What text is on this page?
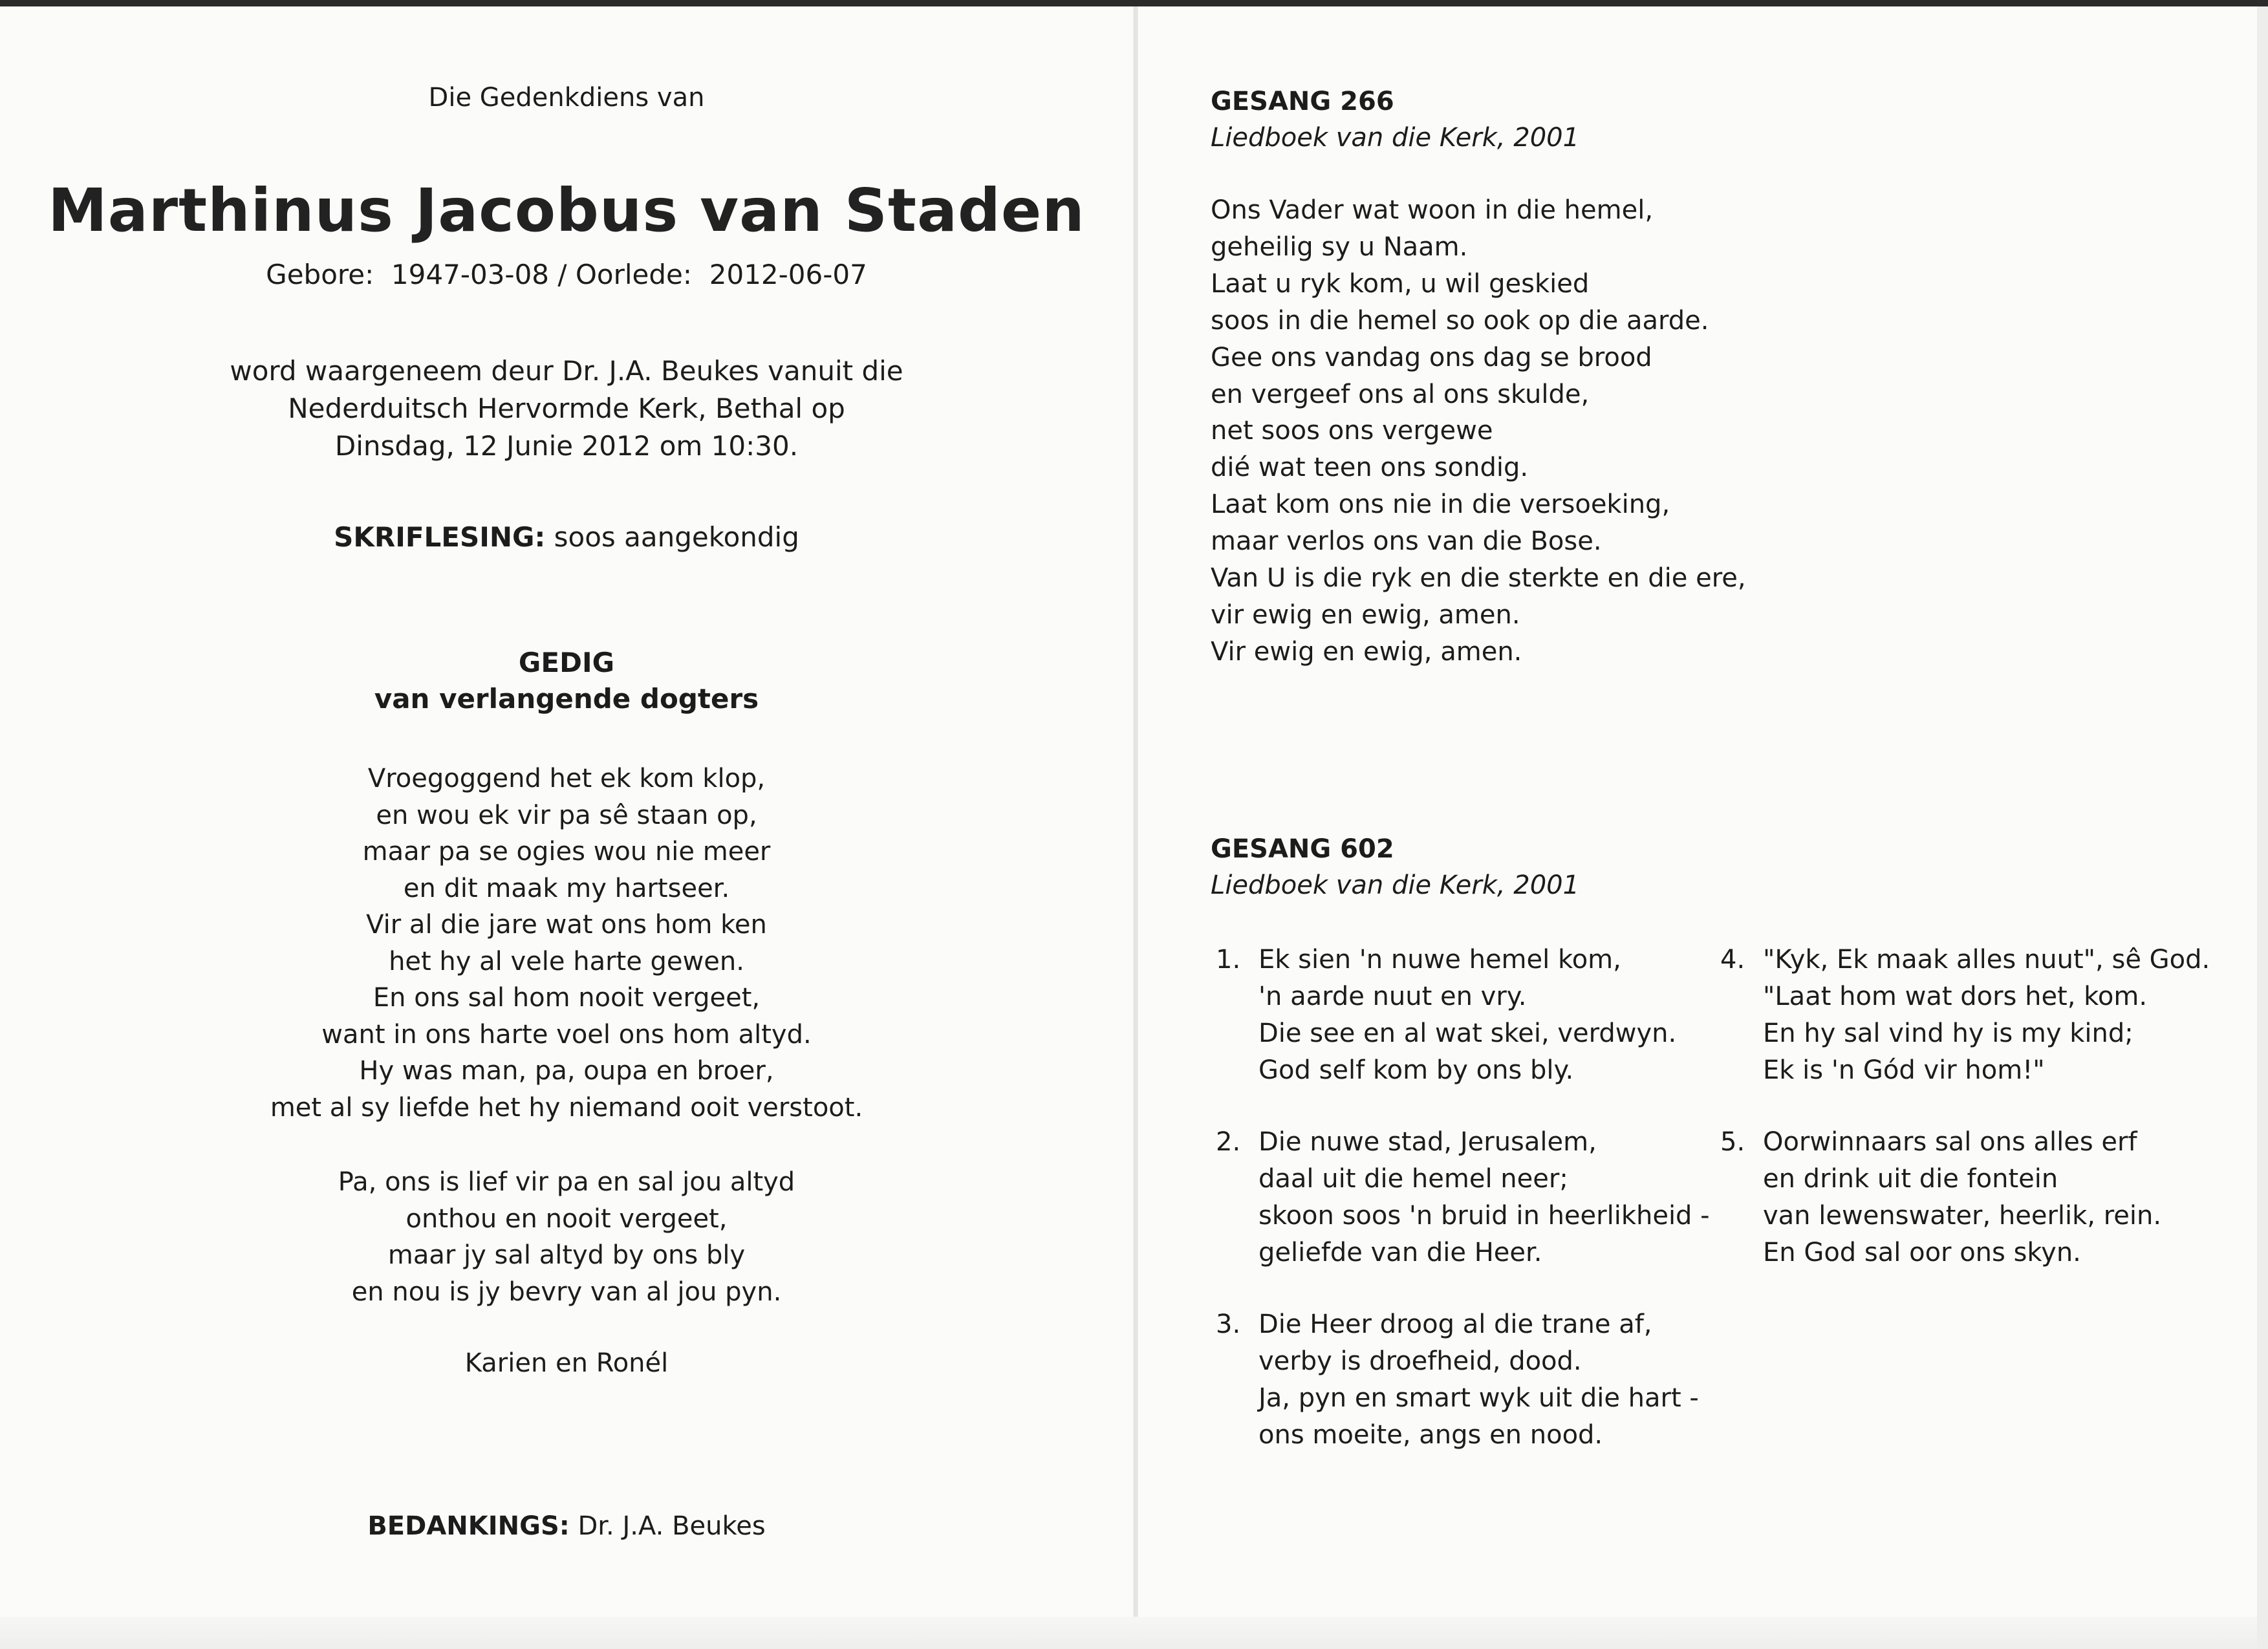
Die Gedenkdiens van
Marthinus Jacobus van Staden
Gebore:  1947-03-08 / Oorlede:  2012-06-07
word waargeneem deur Dr. J.A. Beukes vanuit die
Nederduitsch Hervormde Kerk, Bethal op
Dinsdag, 12 Junie 2012 om 10:30.
SKRIFLESING: soos aangekondig
GEDIG
van verlangende dogters
Vroegoggend het ek kom klop,
en wou ek vir pa sê staan op,
maar pa se ogies wou nie meer
en dit maak my hartseer.
Vir al die jare wat ons hom ken
het hy al vele harte gewen.
En ons sal hom nooit vergeet,
want in ons harte voel ons hom altyd.
Hy was man, pa, oupa en broer,
met al sy liefde het hy niemand ooit verstoot.
Pa, ons is lief vir pa en sal jou altyd
onthou en nooit vergeet,
maar jy sal altyd by ons bly
en nou is jy bevry van al jou pyn.
Karien en Ronél
BEDANKINGS: Dr. J.A. Beukes
GESANG 266
Liedboek van die Kerk, 2001
Ons Vader wat woon in die hemel,
geheilig sy u Naam.
Laat u ryk kom, u wil geskied
soos in die hemel so ook op die aarde.
Gee ons vandag ons dag se brood
en vergeef ons al ons skulde,
net soos ons vergewe
dié wat teen ons sondig.
Laat kom ons nie in die versoeking,
maar verlos ons van die Bose.
Van U is die ryk en die sterkte en die ere,
vir ewig en ewig, amen.
Vir ewig en ewig, amen.
GESANG 602
Liedboek van die Kerk, 2001
1. Ek sien 'n nuwe hemel kom,
'n aarde nuut en vry.
Die see en al wat skei, verdwyn.
God self kom by ons bly.
2. Die nuwe stad, Jerusalem,
daal uit die hemel neer;
skoon soos 'n bruid in heerlikheid -
geliefde van die Heer.
3. Die Heer droog al die trane af,
verby is droefheid, dood.
Ja, pyn en smart wyk uit die hart -
ons moeite, angs en nood.
4. "Kyk, Ek maak alles nuut", sê God.
"Laat hom wat dors het, kom.
En hy sal vind hy is my kind;
Ek is 'n Gód vir hom!"
5. Oorwinnaars sal ons alles erf
en drink uit die fontein
van lewenswater, heerlik, rein.
En God sal oor ons skyn.
